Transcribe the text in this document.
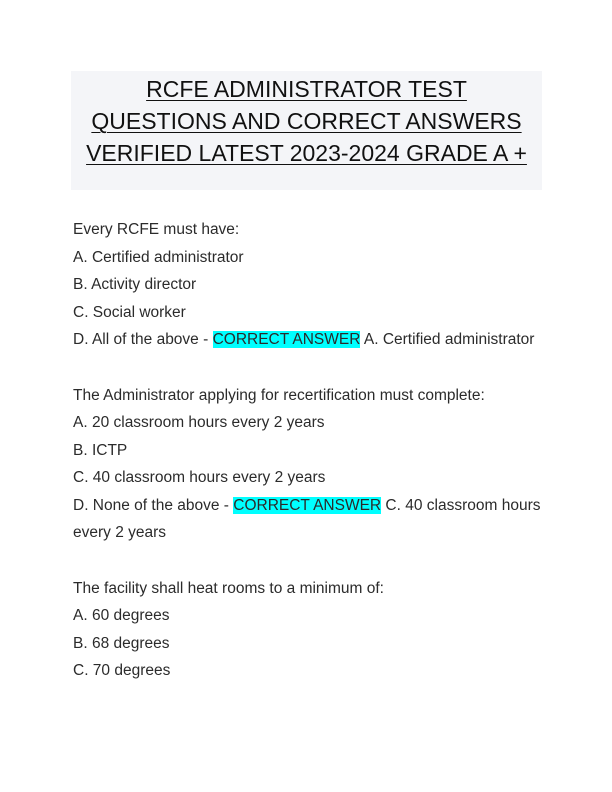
RCFE ADMINISTRATOR TEST
QUESTIONS AND CORRECT ANSWERS
VERIFIED LATEST 2023-2024 GRADE A +
Every RCFE must have:
A. Certified administrator
B. Activity director
C. Social worker
D. All of the above - CORRECT ANSWER A. Certified administrator
The Administrator applying for recertification must complete:
A. 20 classroom hours every 2 years
B. ICTP
C. 40 classroom hours every 2 years
D. None of the above - CORRECT ANSWER C. 40 classroom hours every 2 years
The facility shall heat rooms to a minimum of:
A. 60 degrees
B. 68 degrees
C. 70 degrees
